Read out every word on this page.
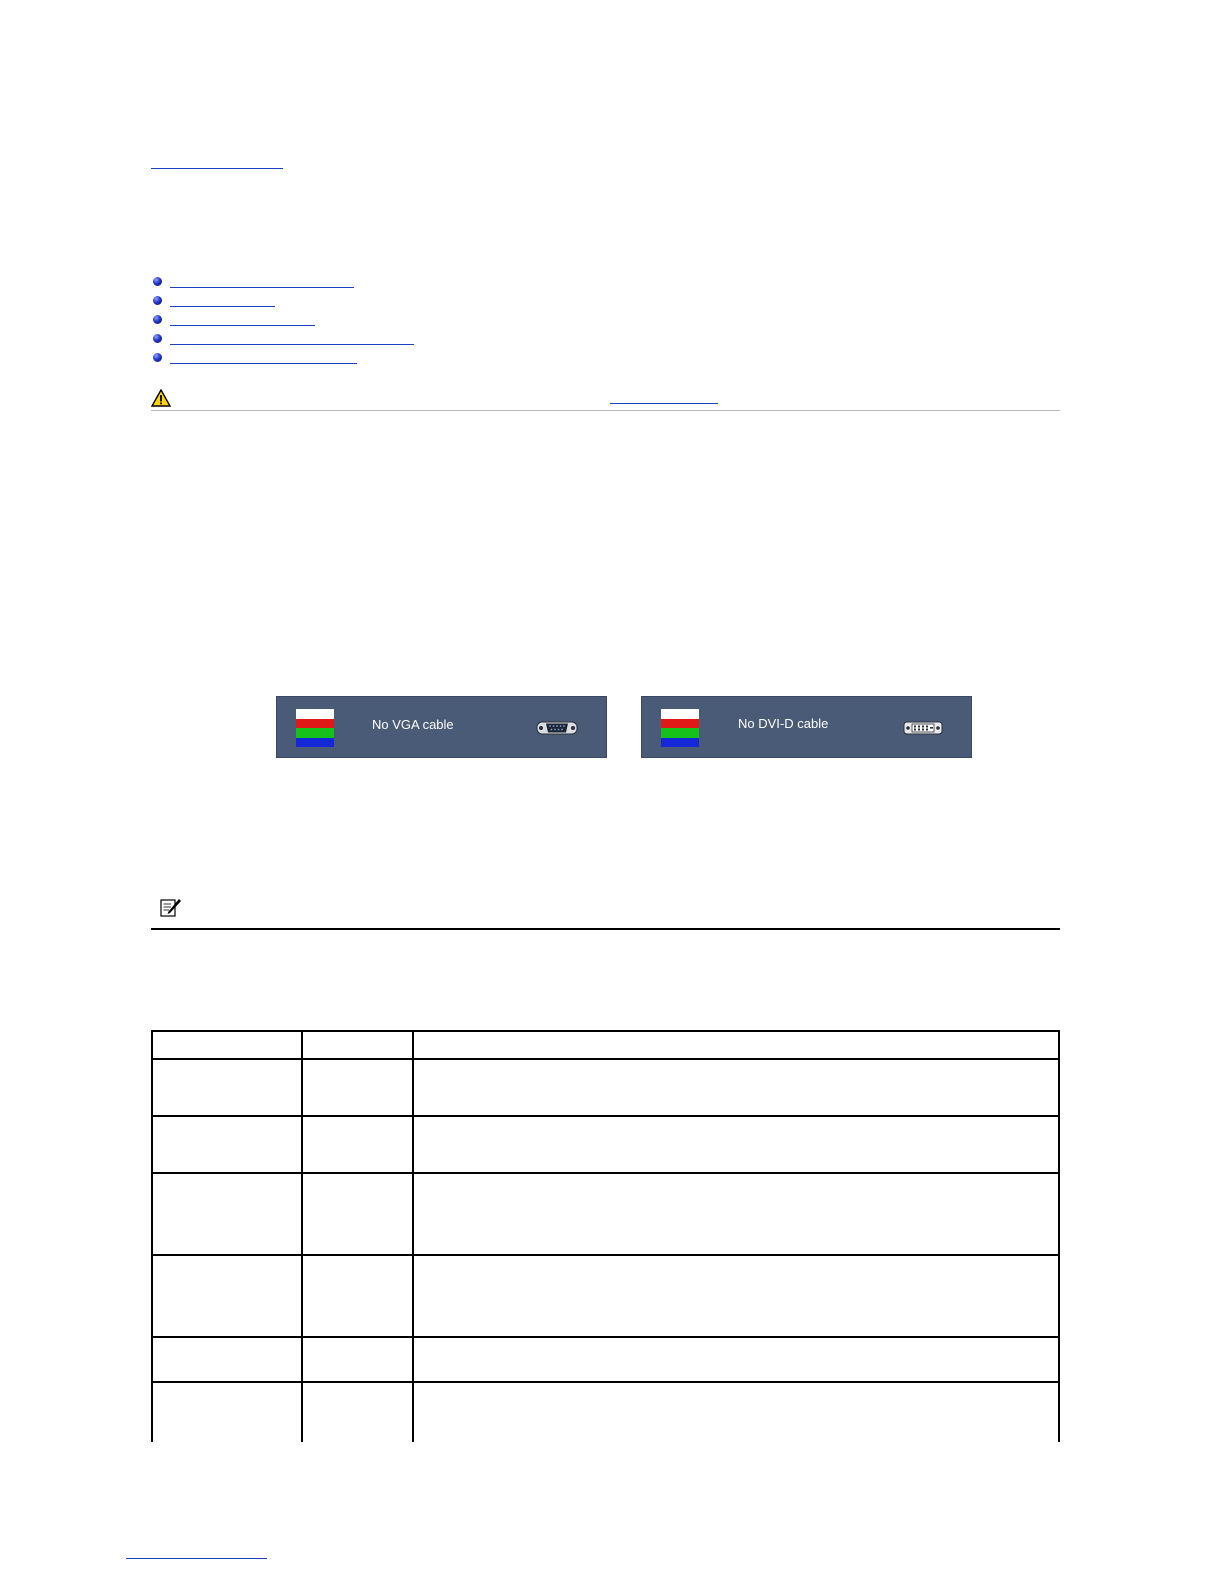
No VGA cable	No DVI-D cable
